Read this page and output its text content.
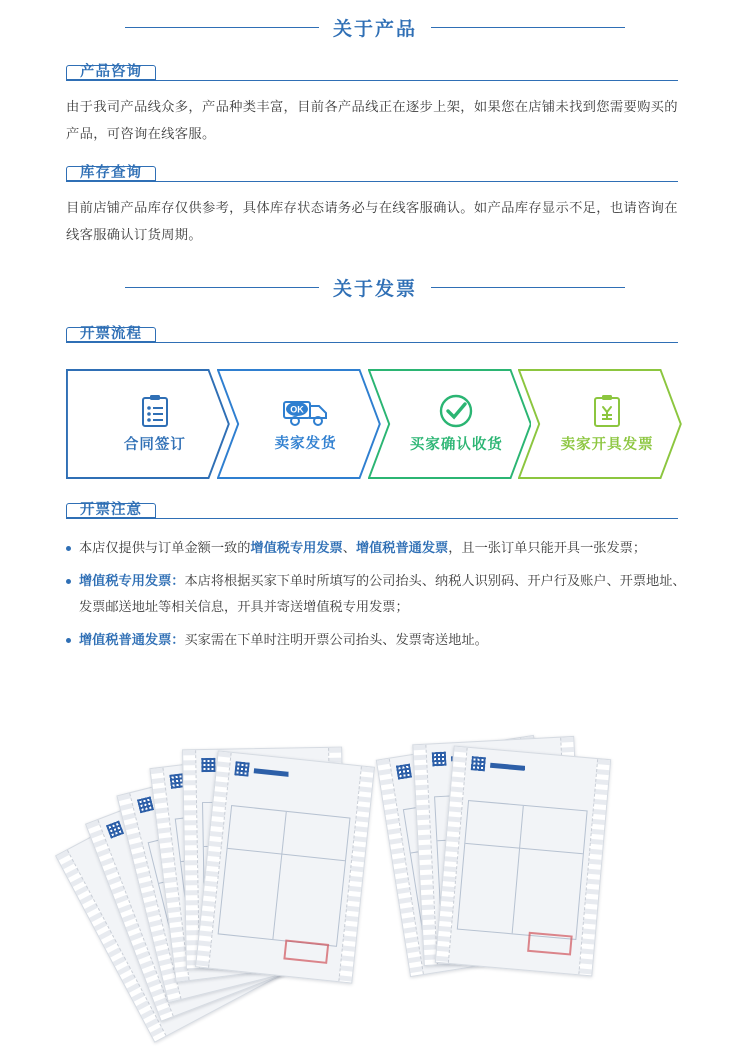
关于产品
产品咨询

由于我司产品线众多，产品种类丰富，目前各产品线正在逐步上架，如果您在店铺未找到您需要购买的产品，可咨询在线客服。

库存查询

目前店铺产品库存仅供参考，具体库存状态请务必与在线客服确认。如产品库存显示不足，也请咨询在线客服确认订货周期。

关于发票
开票流程
合同签订
OK
卖家发货	买家确认收货	卖家开具发票
开票注意
本店仅提供与订单金额一致的增值税专用发票、增值税普通发票，且一张订单只能开具一张发票；
增值税专用发票：本店将根据买家下单时所填写的公司抬头、纳税人识别码、开户行及账户、开票地址、发票邮送地址等相关信息，开具并寄送增值税专用发票；
增值税普通发票：买家需在下单时注明开票公司抬头、发票寄送地址。
